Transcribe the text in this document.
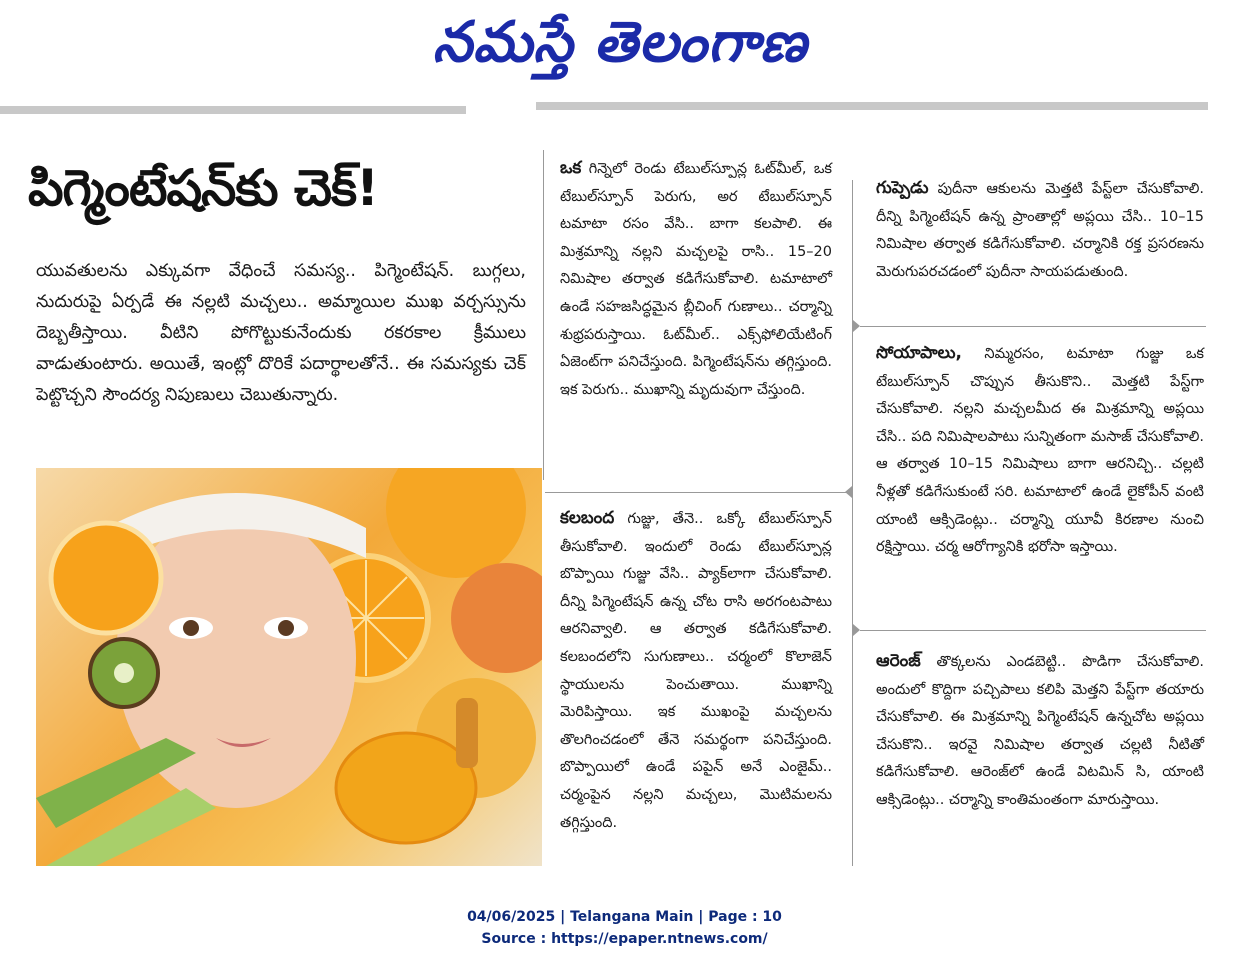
నమస్తే తెలంగాణ
పిగ్మెంటేషన్‌కు చెక్!
యువతులను ఎక్కువగా వేధించే సమస్య.. పిగ్మెంటేషన్. బుగ్గలు, నుదురుపై ఏర్పడే ఈ నల్లటి మచ్చలు.. అమ్మాయిల ముఖ వర్చస్సును దెబ్బతీస్తాయి. వీటిని పోగొట్టుకునేందుకు రకరకాల క్రీములు వాడుతుంటారు. అయితే, ఇంట్లో దొరికే పదార్థాలతోనే.. ఈ సమస్యకు చెక్ పెట్టొచ్చని సౌందర్య నిపుణులు చెబుతున్నారు.
ఒక గిన్నెలో రెండు టేబుల్‌స్పూన్ల ఓట్‌మీల్, ఒక టేబుల్‌స్పూన్ పెరుగు, అర టేబుల్‌స్పూన్ టమాటా రసం వేసి.. బాగా కలపాలి. ఈ మిశ్రమాన్ని నల్లని మచ్చలపై రాసి.. 15–20 నిమిషాల తర్వాత కడిగేసుకోవాలి. టమాటాలో ఉండే సహజసిద్ధమైన బ్లీచింగ్ గుణాలు.. చర్మాన్ని శుభ్రపరుస్తాయి. ఓట్‌మీల్.. ఎక్స్‌ఫోలియేటింగ్ ఏజెంట్‌గా పనిచేస్తుంది. పిగ్మెంటేషన్‌ను తగ్గిస్తుంది. ఇక పెరుగు.. ముఖాన్ని మృదువుగా చేస్తుంది.
కలబంద గుజ్జు, తేనె.. ఒక్కో టేబుల్‌స్పూన్ తీసుకోవాలి. ఇందులో రెండు టేబుల్‌స్పూన్ల బొప్పాయి గుజ్జు వేసి.. ప్యాక్‌లాగా చేసుకోవాలి. దీన్ని పిగ్మెంటేషన్ ఉన్న చోట రాసి అరగంటపాటు ఆరనివ్వాలి. ఆ తర్వాత కడిగేసుకోవాలి. కలబందలోని సుగుణాలు.. చర్మంలో కొలాజెన్ స్థాయులను పెంచుతాయి. ముఖాన్ని మెరిపిస్తాయి. ఇక ముఖంపై మచ్చలను తొలగించడంలో తేనె సమర్థంగా పనిచేస్తుంది. బొప్పాయిలో ఉండే పపైన్ అనే ఎంజైమ్.. చర్మంపైన నల్లని మచ్చలు, మొటిమలను తగ్గిస్తుంది.
గుప్పెడు పుదీనా ఆకులను మెత్తటి పేస్ట్‌లా చేసుకోవాలి. దీన్ని పిగ్మెంటేషన్ ఉన్న ప్రాంతాల్లో అప్లయి చేసి.. 10–15 నిమిషాల తర్వాత కడిగేసుకోవాలి. చర్మానికి రక్త ప్రసరణను మెరుగుపరచడంలో పుదీనా సాయపడుతుంది.
సోయాపాలు, నిమ్మరసం, టమాటా గుజ్జు ఒక టేబుల్‌స్పూన్ చొప్పున తీసుకొని.. మెత్తటి పేస్ట్‌గా చేసుకోవాలి. నల్లని మచ్చలమీద ఈ మిశ్రమాన్ని అప్లయి చేసి.. పది నిమిషాలపాటు సున్నితంగా మసాజ్ చేసుకోవాలి. ఆ తర్వాత 10–15 నిమిషాలు బాగా ఆరనిచ్చి.. చల్లటి నీళ్లతో కడిగేసుకుంటే సరి. టమాటాలో ఉండే లైకోపీన్ వంటి యాంటి ఆక్సిడెంట్లు.. చర్మాన్ని యూవీ కిరణాల నుంచి రక్షిస్తాయి. చర్మ ఆరోగ్యానికి భరోసా ఇస్తాయి.
ఆరెంజ్ తొక్కలను ఎండబెట్టి.. పొడిగా చేసుకోవాలి. అందులో కొద్దిగా పచ్చిపాలు కలిపి మెత్తని పేస్ట్‌గా తయారు చేసుకోవాలి. ఈ మిశ్రమాన్ని పిగ్మెంటేషన్ ఉన్నచోట అప్లయి చేసుకొని.. ఇరవై నిమిషాల తర్వాత చల్లటి నీటితో కడిగేసుకోవాలి. ఆరెంజ్‌లో ఉండే విటమిన్ సి, యాంటి ఆక్సిడెంట్లు.. చర్మాన్ని కాంతిమంతంగా మారుస్తాయి.
04/06/2025 | Telangana Main | Page : 10
Source : https://epaper.ntnews.com/
